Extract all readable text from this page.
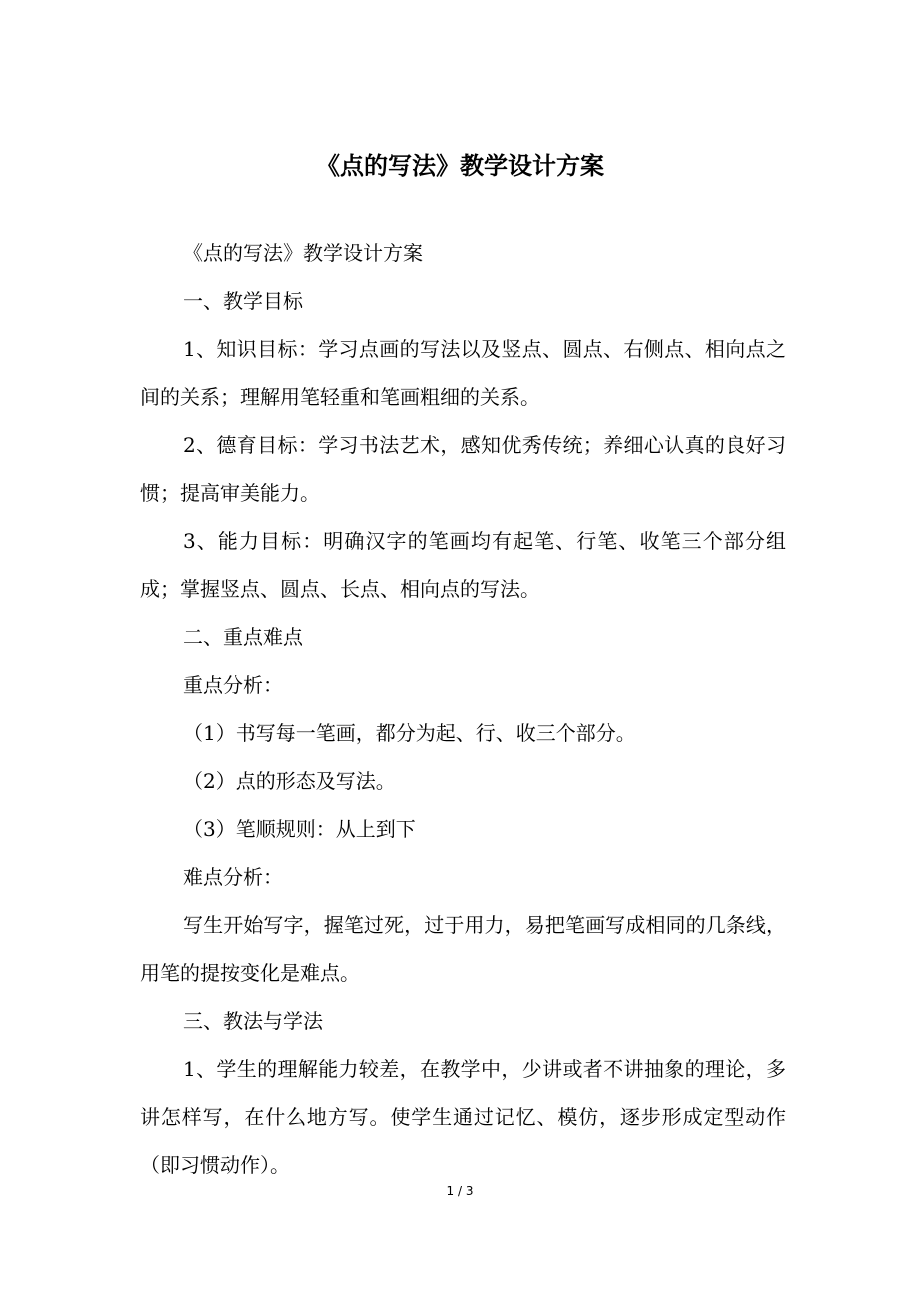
《点的写法》教学设计方案

《点的写法》教学设计方案

一、教学目标

1、知识目标：学习点画的写法以及竖点、圆点、右侧点、相向点之间的关系；理解用笔轻重和笔画粗细的关系。

2、德育目标：学习书法艺术，感知优秀传统；养细心认真的良好习惯；提高审美能力。

3、能力目标：明确汉字的笔画均有起笔、行笔、收笔三个部分组成；掌握竖点、圆点、长点、相向点的写法。

二、重点难点

重点分析：

（1）书写每一笔画，都分为起、行、收三个部分。

（2）点的形态及写法。

（3）笔顺规则：从上到下

难点分析：

写生开始写字，握笔过死，过于用力，易把笔画写成相同的几条线，用笔的提按变化是难点。

三、教法与学法

1、学生的理解能力较差，在教学中，少讲或者不讲抽象的理论，多讲怎样写，在什么地方写。使学生通过记忆、模仿，逐步形成定型动作（即习惯动作）。

1 / 3
